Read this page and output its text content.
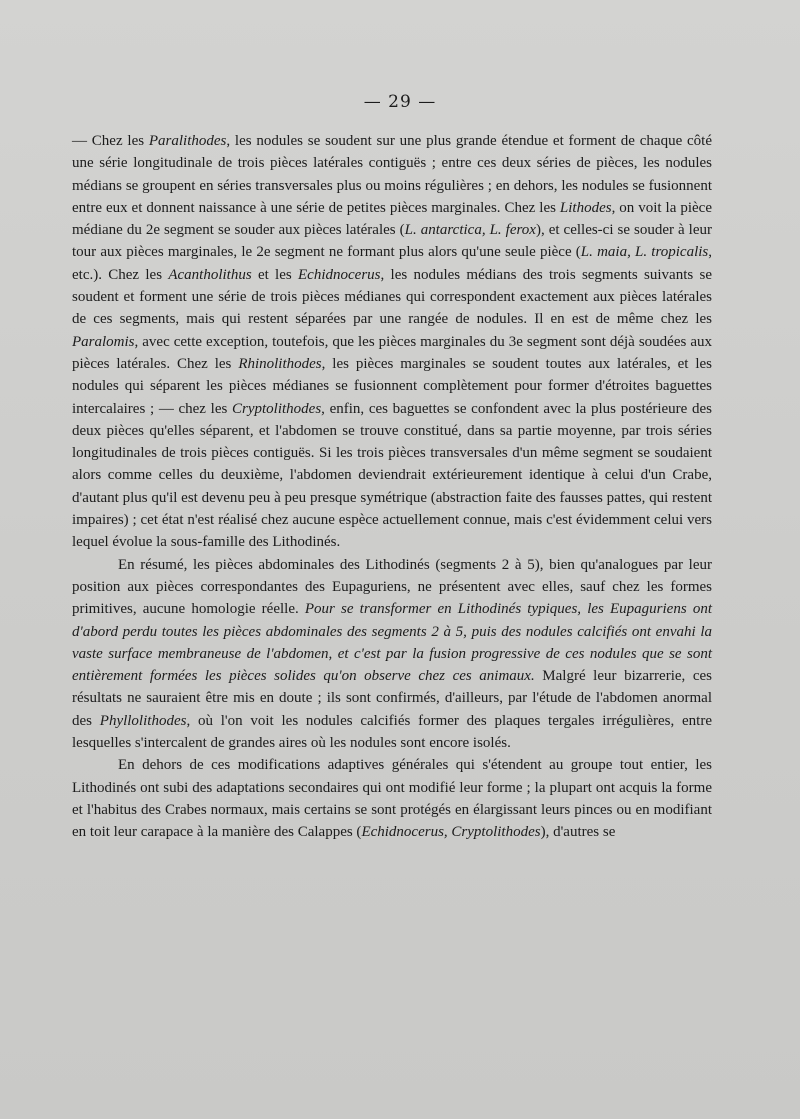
— 29 —

— Chez les Paralithodes, les nodules se soudent sur une plus grande étendue et forment de chaque côté une série longitudinale de trois pièces latérales contiguës ; entre ces deux séries de pièces, les nodules médians se groupent en séries transversales plus ou moins régulières ; en dehors, les nodules se fusionnent entre eux et donnent naissance à une série de petites pièces marginales. Chez les Lithodes, on voit la pièce médiane du 2e segment se souder aux pièces latérales (L. antarctica, L. ferox), et celles-ci se souder à leur tour aux pièces marginales, le 2e segment ne formant plus alors qu'une seule pièce (L. maia, L. tropicalis, etc.). Chez les Acantholithus et les Echidnocerus, les nodules médians des trois segments suivants se soudent et forment une série de trois pièces médianes qui correspondent exactement aux pièces latérales de ces segments, mais qui restent séparées par une rangée de nodules. Il en est de même chez les Paralomis, avec cette exception, toutefois, que les pièces marginales du 3e segment sont déjà soudées aux pièces latérales. Chez les Rhinolithodes, les pièces marginales se soudent toutes aux latérales, et les nodules qui séparent les pièces médianes se fusionnent complètement pour former d'étroites baguettes intercalaires ; — chez les Cryptolithodes, enfin, ces baguettes se confondent avec la plus postérieure des deux pièces qu'elles séparent, et l'abdomen se trouve constitué, dans sa partie moyenne, par trois séries longitudinales de trois pièces contiguës. Si les trois pièces transversales d'un même segment se soudaient alors comme celles du deuxième, l'abdomen deviendrait extérieurement identique à celui d'un Crabe, d'autant plus qu'il est devenu peu à peu presque symétrique (abstraction faite des fausses pattes, qui restent impaires) ; cet état n'est réalisé chez aucune espèce actuellement connue, mais c'est évidemment celui vers lequel évolue la sous-famille des Lithodinés.

En résumé, les pièces abdominales des Lithodinés (segments 2 à 5), bien qu'analogues par leur position aux pièces correspondantes des Eupaguriens, ne présentent avec elles, sauf chez les formes primitives, aucune homologie réelle. Pour se transformer en Lithodinés typiques, les Eupaguriens ont d'abord perdu toutes les pièces abdominales des segments 2 à 5, puis des nodules calcifiés ont envahi la vaste surface membraneuse de l'abdomen, et c'est par la fusion progressive de ces nodules que se sont entièrement formées les pièces solides qu'on observe chez ces animaux. Malgré leur bizarrerie, ces résultats ne sauraient être mis en doute ; ils sont confirmés, d'ailleurs, par l'étude de l'abdomen anormal des Phyllolithodes, où l'on voit les nodules calcifiés former des plaques tergales irrégulières, entre lesquelles s'intercalent de grandes aires où les nodules sont encore isolés.

En dehors de ces modifications adaptives générales qui s'étendent au groupe tout entier, les Lithodinés ont subi des adaptations secondaires qui ont modifié leur forme ; la plupart ont acquis la forme et l'habitus des Crabes normaux, mais certains se sont protégés en élargissant leurs pinces ou en modifiant en toit leur carapace à la manière des Calappes (Echidnocerus, Cryptolithodes), d'autres se
